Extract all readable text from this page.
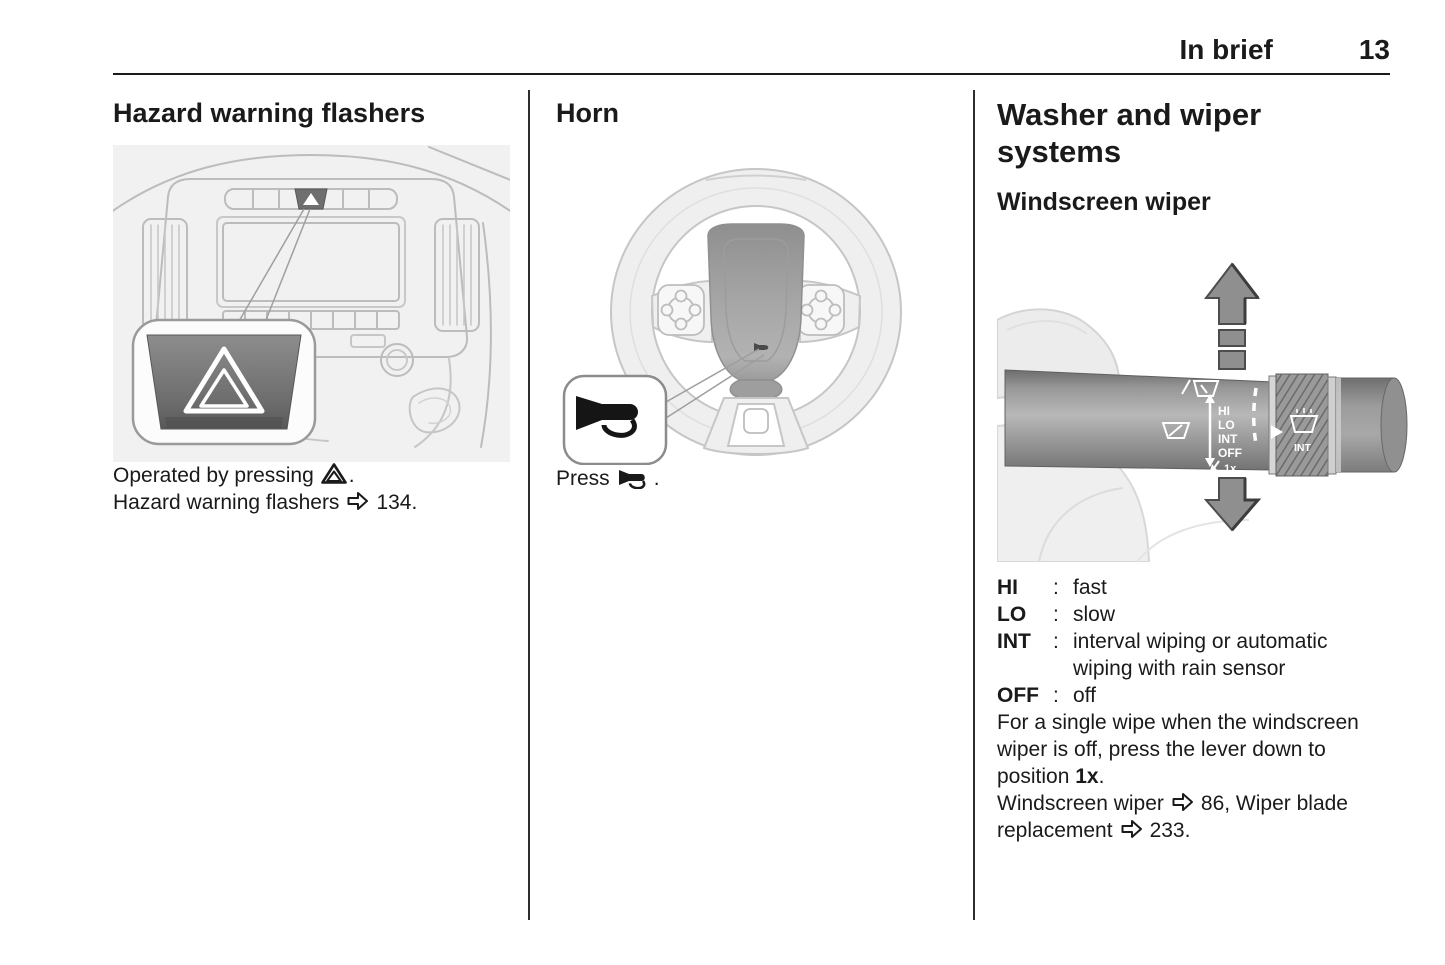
In brief	13
Hazard warning flashers

Operated by pressing .

Hazard warning flashers 134.

Horn

Press .

Washer and wiper systems
Windscreen wiper
HI
LO
INT
OFF
1x
INT
HI	: fast
LO	: slow
INT	: interval wiping or automatic wiping with rain sensor
OFF : off

For a single wipe when the windscreen wiper is off, press the lever down to position 1x.

Windscreen wiper 86, Wiper blade replacement 233.
